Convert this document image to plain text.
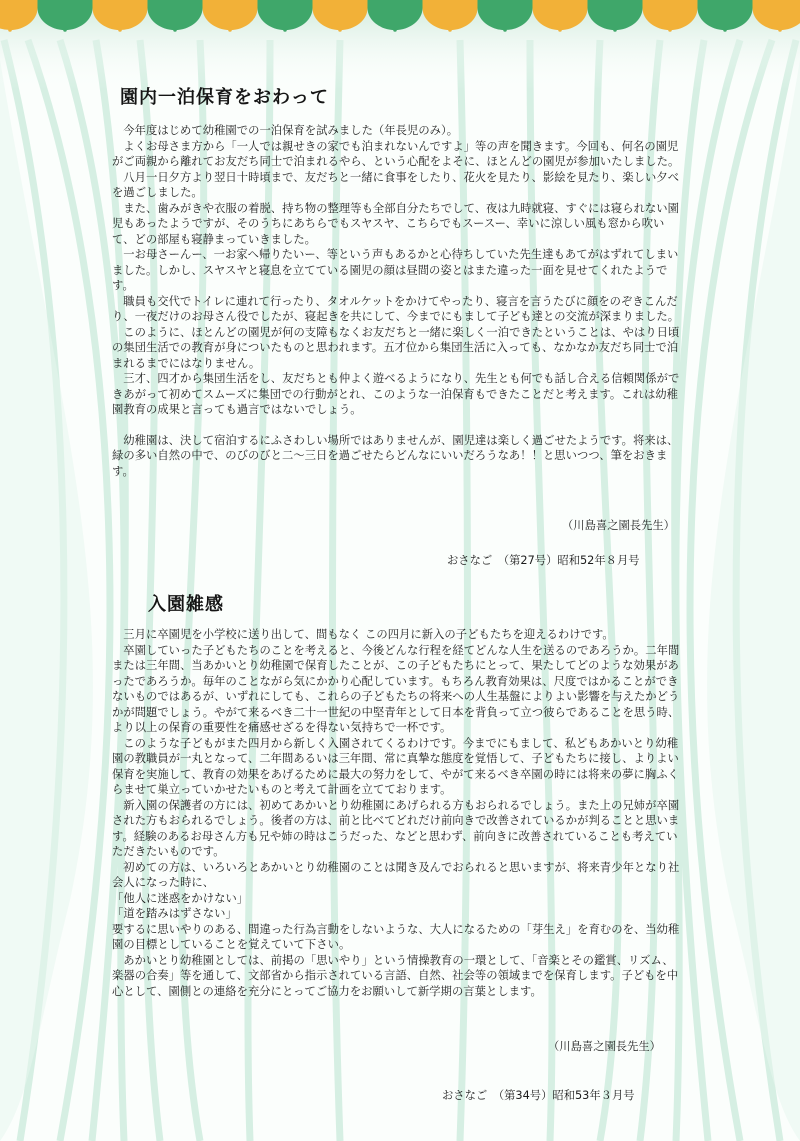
園内一泊保育をおわって

今年度はじめて幼稚園での一泊保育を試みました（年長児のみ）。

よくお母さま方から「一人では親せきの家でも泊まれないんですよ」等の声を聞きます。今回も、何名の園児がご両親から離れてお友だち同士で泊まれるやら、という心配をよそに、ほとんどの園児が参加いたしました。

八月一日夕方より翌日十時頃まで、友だちと一緒に食事をしたり、花火を見たり、影絵を見たり、楽しい夕べを過ごしました。

また、歯みがきや衣服の着脱、持ち物の整理等も全部自分たちでして、夜は九時就寝、すぐには寝られない園児もあったようですが、そのうちにあちらでもスヤスヤ、こちらでもスースー、幸いに涼しい風も窓から吹いて、どの部屋も寝静まっていきました。

一お母さーんー、一お家へ帰りたいー、等という声もあるかと心待ちしていた先生達もあてがはずれてしまいました。しかし、スヤスヤと寝息を立てている園児の顔は昼間の姿とはまた違った一面を見せてくれたようです。

職員も交代でトイレに連れて行ったり、タオルケットをかけてやったり、寝言を言うたびに顔をのぞきこんだり、一夜だけのお母さん役でしたが、寝起きを共にして、今までにもまして子ども達との交流が深まりました。

このように、ほとんどの園児が何の支障もなくお友だちと一緒に楽しく一泊できたということは、やはり日頃の集団生活での教育が身についたものと思われます。五才位から集団生活に入っても、なかなか友だち同士で泊まれるまでにはなりません。

三才、四才から集団生活をし、友だちとも仲よく遊べるようになり、先生とも何でも話し合える信頼関係ができあがって初めてスムーズに集団での行動がとれ、このような一泊保育もできたことだと考えます。これは幼稚園教育の成果と言っても過言ではないでしょう。

幼稚園は、決して宿泊するにふさわしい場所ではありませんが、園児達は楽しく過ごせたようです。将来は、緑の多い自然の中で、のびのびと二～三日を過ごせたらどんなにいいだろうなあ！！と思いつつ、筆をおきます。

（川島喜之園長先生）
おさなご　（第27号）昭和52年８月号
入園雑感

三月に卒園児を小学校に送り出して、間もなく この四月に新入の子どもたちを迎えるわけです。

卒園していった子どもたちのことを考えると、今後どんな行程を経てどんな人生を送るのであろうか。二年間または三年間、当あかいとり幼稚園で保育したことが、この子どもたちにとって、果たしてどのような効果があったであろうか。毎年のことながら気にかかり心配しています。もちろん教育効果は、尺度ではかることができないものではあるが、いずれにしても、これらの子どもたちの将来への人生基盤によりよい影響を与えたかどうかが問題でしょう。やがて来るべき二十一世紀の中堅青年として日本を背負って立つ彼らであることを思う時、より以上の保育の重要性を痛感せざるを得ない気持ちで一杯です。

このような子どもがまた四月から新しく入園されてくるわけです。今までにもまして、私どもあかいとり幼稚園の教職員が一丸となって、二年間あるいは三年間、常に真摯な態度を覚悟して、子どもたちに接し、よりよい保育を実施して、教育の効果をあげるために最大の努力をして、やがて来るべき卒園の時には将来の夢に胸ふくらませて巣立っていかせたいものと考えて計画を立てております。

新入園の保護者の方には、初めてあかいとり幼稚園にあげられる方もおられるでしょう。また上の兄姉が卒園された方もおられるでしょう。後者の方は、前と比べてどれだけ前向きで改善されているかが判ることと思います。経験のあるお母さん方も兄や姉の時はこうだった、などと思わず、前向きに改善されていることも考えていただきたいものです。

初めての方は、いろいろとあかいとり幼稚園のことは聞き及んでおられると思いますが、将来青少年となり社会人になった時に、

「他人に迷惑をかけない」

「道を踏みはずさない」

要するに思いやりのある、間違った行為言動をしないような、大人になるための「芽生え」を育むのを、当幼稚園の目標としていることを覚えていて下さい。

あかいとり幼稚園としては、前掲の「思いやり」という情操教育の一環として、「音楽とその鑑賞、リズム、楽器の合奏」等を通して、文部省から指示されている言語、自然、社会等の領域までを保育します。子どもを中心として、園側との連絡を充分にとってご協力をお願いして新学期の言葉とします。

（川島喜之園長先生）
おさなご　（第34号）昭和53年３月号
